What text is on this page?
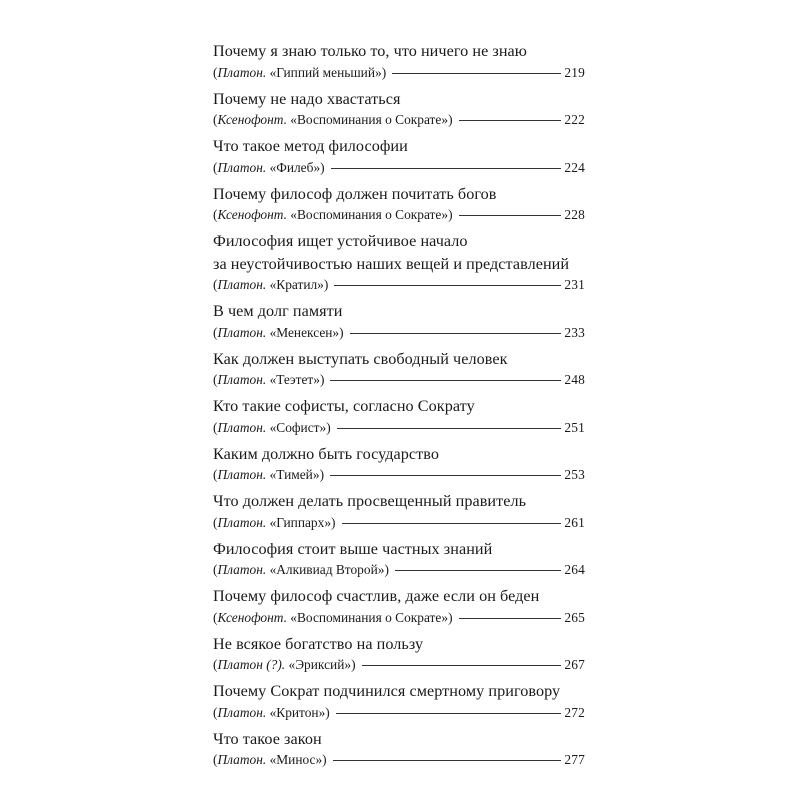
Почему я знаю только то, что ничего не знаю
(Платон. «Гиппий меньший»)	219
Почему не надо хвастаться
(Ксенофонт. «Воспоминания о Сократе»)	222
Что такое метод философии
(Платон. «Филеб»)	224
Почему философ должен почитать богов
(Ксенофонт. «Воспоминания о Сократе»)	228
Философия ищет устойчивое начало
за неустойчивостью наших вещей и представлений
(Платон. «Кратил»)	231
В чем долг памяти
(Платон. «Менексен»)	233
Как должен выступать свободный человек
(Платон. «Теэтет»)	248
Кто такие софисты, согласно Сократу
(Платон. «Софист»)	251
Каким должно быть государство
(Платон. «Тимей»)	253
Что должен делать просвещенный правитель
(Платон. «Гиппарх»)	261
Философия стоит выше частных знаний
(Платон. «Алкивиад Второй»)	264
Почему философ счастлив, даже если он беден
(Ксенофонт. «Воспоминания о Сократе»)	265
Не всякое богатство на пользу
(Платон (?). «Эриксий»)	267
Почему Сократ подчинился смертному приговору
(Платон. «Критон»)	272
Что такое закон
(Платон. «Минос»)	277
